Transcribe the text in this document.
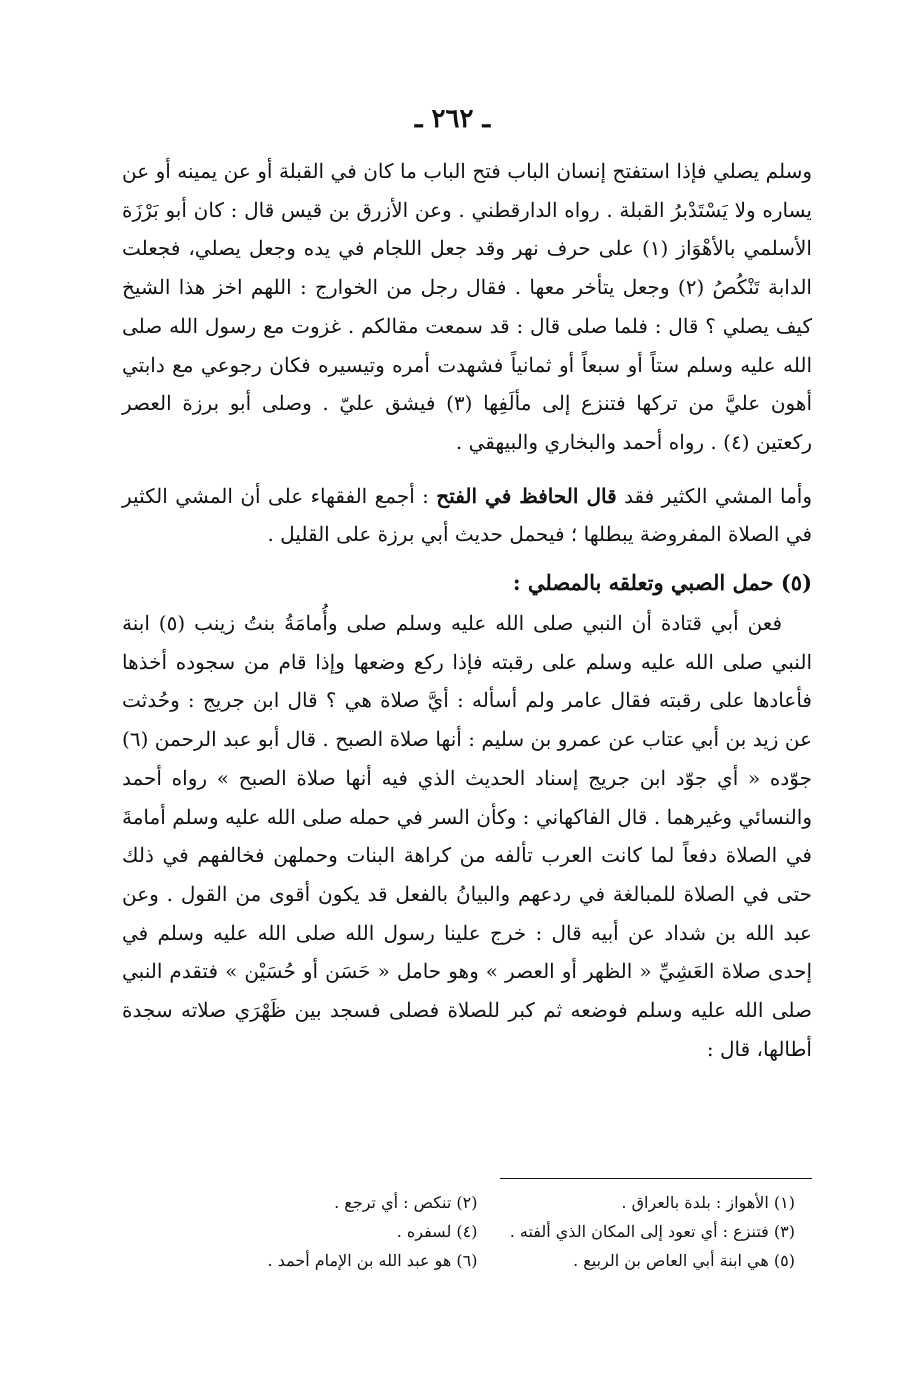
ـ ٢٦٢ ـ

وسلم يصلي فإذا استفتح إنسان الباب فتح الباب ما كان في القبلة أو عن يمينه أو عن يساره ولا يَسْتَدْبرُ القبلة . رواه الدارقطني . وعن الأزرق بن قيس قال : كان أبو بَرْزَة الأسلمي بالأهْوَاز (١) على حرف نهر وقد جعل اللجام في يده وجعل يصلي، فجعلت الدابة تَنْكُصُ (٢) وجعل يتأخر معها . فقال رجل من الخوارج : اللهم اخز هذا الشيخ كيف يصلي ؟ قال : فلما صلى قال : قد سمعت مقالكم . غزوت مع رسول الله صلى الله عليه وسلم ستاً أو سبعاً أو ثمانياً فشهدت أمره وتيسيره فكان رجوعي مع دابتي أهون عليَّ من تركها فتنزع إلى مألَفِها (٣) فيشق عليّ . وصلى أبو برزة العصر ركعتين (٤) . رواه أحمد والبخاري والبيهقي .

وأما المشي الكثير فقد قال الحافظ في الفتح : أجمع الفقهاء على أن المشي الكثير في الصلاة المفروضة يبطلها ؛ فيحمل حديث أبي برزة على القليل .

(٥) حمل الصبي وتعلقه بالمصلي :

فعن أبي قتادة أن النبي صلى الله عليه وسلم صلى وأُمامَةُ بنتُ زينب (٥) ابنة النبي صلى الله عليه وسلم على رقبته فإذا ركع وضعها وإذا قام من سجوده أخذها فأعادها على رقبته فقال عامر ولم أسأله : أيَّ صلاة هي ؟ قال ابن جريج : وحُدثت عن زيد بن أبي عتاب عن عمرو بن سليم : أنها صلاة الصبح . قال أبو عبد الرحمن (٦) جوّده « أي جوّد ابن جريج إسناد الحديث الذي فيه أنها صلاة الصبح » رواه أحمد والنسائي وغيرهما . قال الفاكهاني : وكأن السر في حمله صلى الله عليه وسلم أمامةَ في الصلاة دفعاً لما كانت العرب تألفه من كراهة البنات وحملهن فخالفهم في ذلك حتى في الصلاة للمبالغة في ردعهم والبيانُ بالفعل قد يكون أقوى من القول . وعن عبد الله بن شداد عن أبيه قال : خرج علينا رسول الله صلى الله عليه وسلم في إحدى صلاة العَشِيِّ « الظهر أو العصر » وهو حامل « حَسَن أو حُسَيْن » فتقدم النبي صلى الله عليه وسلم فوضعه ثم كبر للصلاة فصلى فسجد بين ظَهْرَي صلاته سجدة أطالها، قال :

(١) الأهواز : بلدة بالعراق .
(٢) تنكص : أي ترجع .
(٣) فتنزع : أي تعود إلى المكان الذي ألفته .
(٤) لسفره .
(٥) هي ابنة أبي العاص بن الربيع .
(٦) هو عبد الله بن الإمام أحمد .
